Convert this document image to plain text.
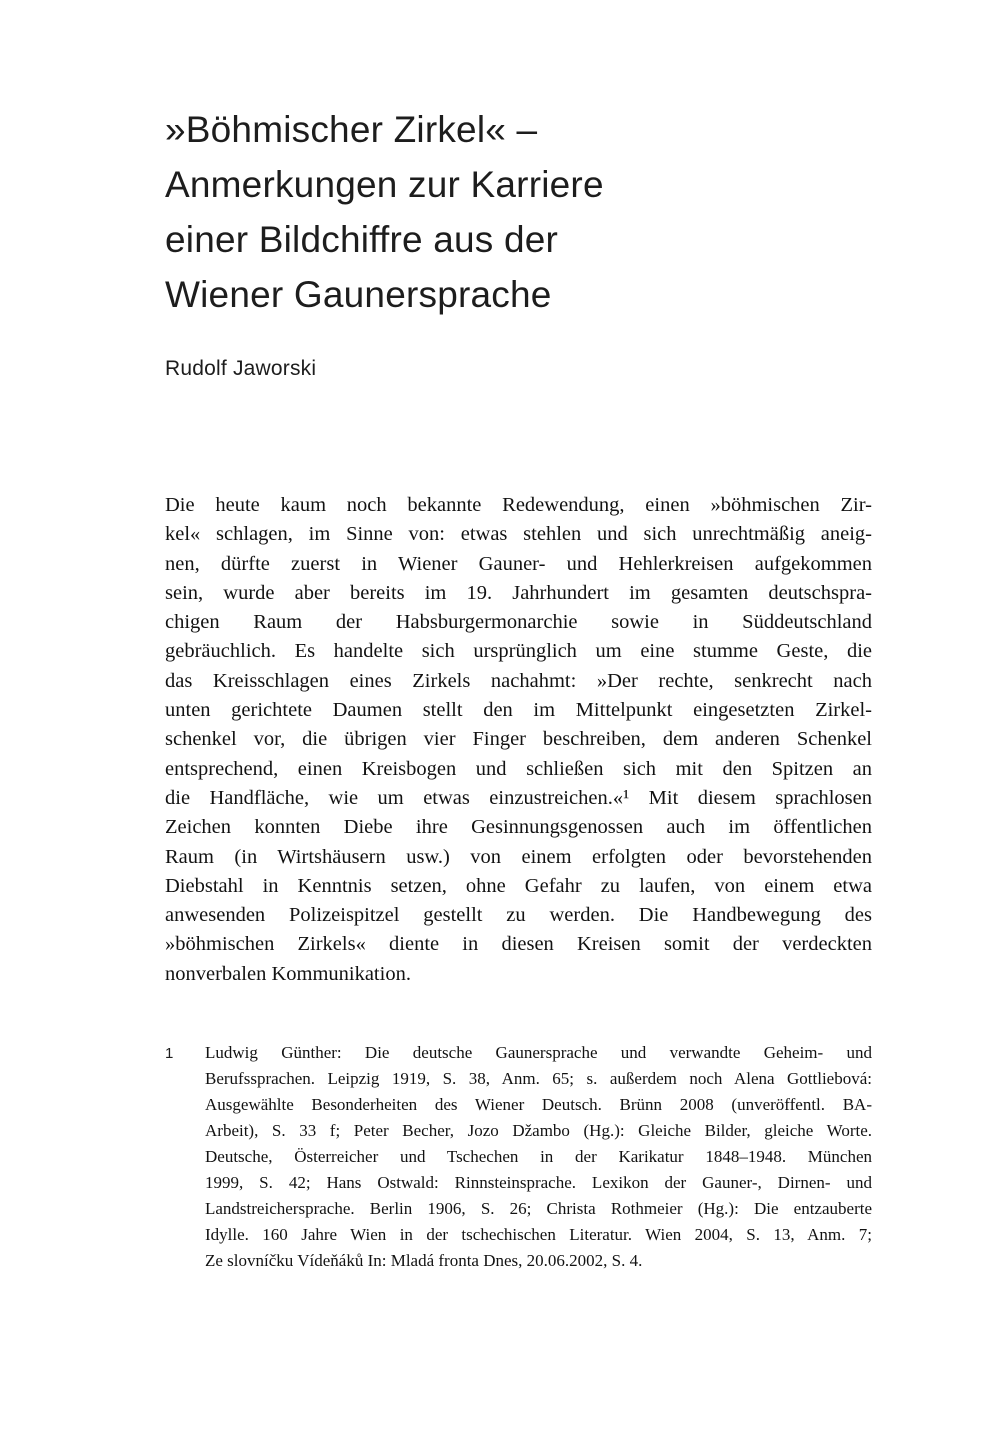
»Böhmischer Zirkel« –
Anmerkungen zur Karriere
einer Bildchiffre aus der
Wiener Gaunersprache
Rudolf Jaworski
Die heute kaum noch bekannte Redewendung, einen »böhmischen Zir-
kel« schlagen, im Sinne von: etwas stehlen und sich unrechtmäßig aneig-
nen, dürfte zuerst in Wiener Gauner- und Hehlerkreisen aufgekommen
sein, wurde aber bereits im 19. Jahrhundert im gesamten deutschspra-
chigen Raum der Habsburgermonarchie sowie in Süddeutschland
gebräuchlich. Es handelte sich ursprünglich um eine stumme Geste, die
das Kreisschlagen eines Zirkels nachahmt: »Der rechte, senkrecht nach
unten gerichtete Daumen stellt den im Mittelpunkt eingesetzten Zirkel-
schenkel vor, die übrigen vier Finger beschreiben, dem anderen Schenkel
entsprechend, einen Kreisbogen und schließen sich mit den Spitzen an
die Handfläche, wie um etwas einzustreichen.«¹ Mit diesem sprachlosen
Zeichen konnten Diebe ihre Gesinnungsgenossen auch im öffentlichen
Raum (in Wirtshäusern usw.) von einem erfolgten oder bevorstehenden
Diebstahl in Kenntnis setzen, ohne Gefahr zu laufen, von einem etwa
anwesenden Polizeispitzel gestellt zu werden. Die Handbewegung des
»böhmischen Zirkels« diente in diesen Kreisen somit der verdeckten
nonverbalen Kommunikation.
1 Ludwig Günther: Die deutsche Gaunersprache und verwandte Geheim- und
Berufssprachen. Leipzig 1919, S. 38, Anm. 65; s. außerdem noch Alena Gottliebová:
Ausgewählte Besonderheiten des Wiener Deutsch. Brünn 2008 (unveröffentl. BA-
Arbeit), S. 33 f; Peter Becher, Jozo Džambo (Hg.): Gleiche Bilder, gleiche Worte.
Deutsche, Österreicher und Tschechen in der Karikatur 1848–1948. München
1999, S. 42; Hans Ostwald: Rinnsteinsprache. Lexikon der Gauner-, Dirnen- und
Landstreichersprache. Berlin 1906, S. 26; Christa Rothmeier (Hg.): Die entzauberte
Idylle. 160 Jahre Wien in der tschechischen Literatur. Wien 2004, S. 13, Anm. 7;
Ze slovníčku Vídeňáků In: Mladá fronta Dnes, 20.06.2002, S. 4.
